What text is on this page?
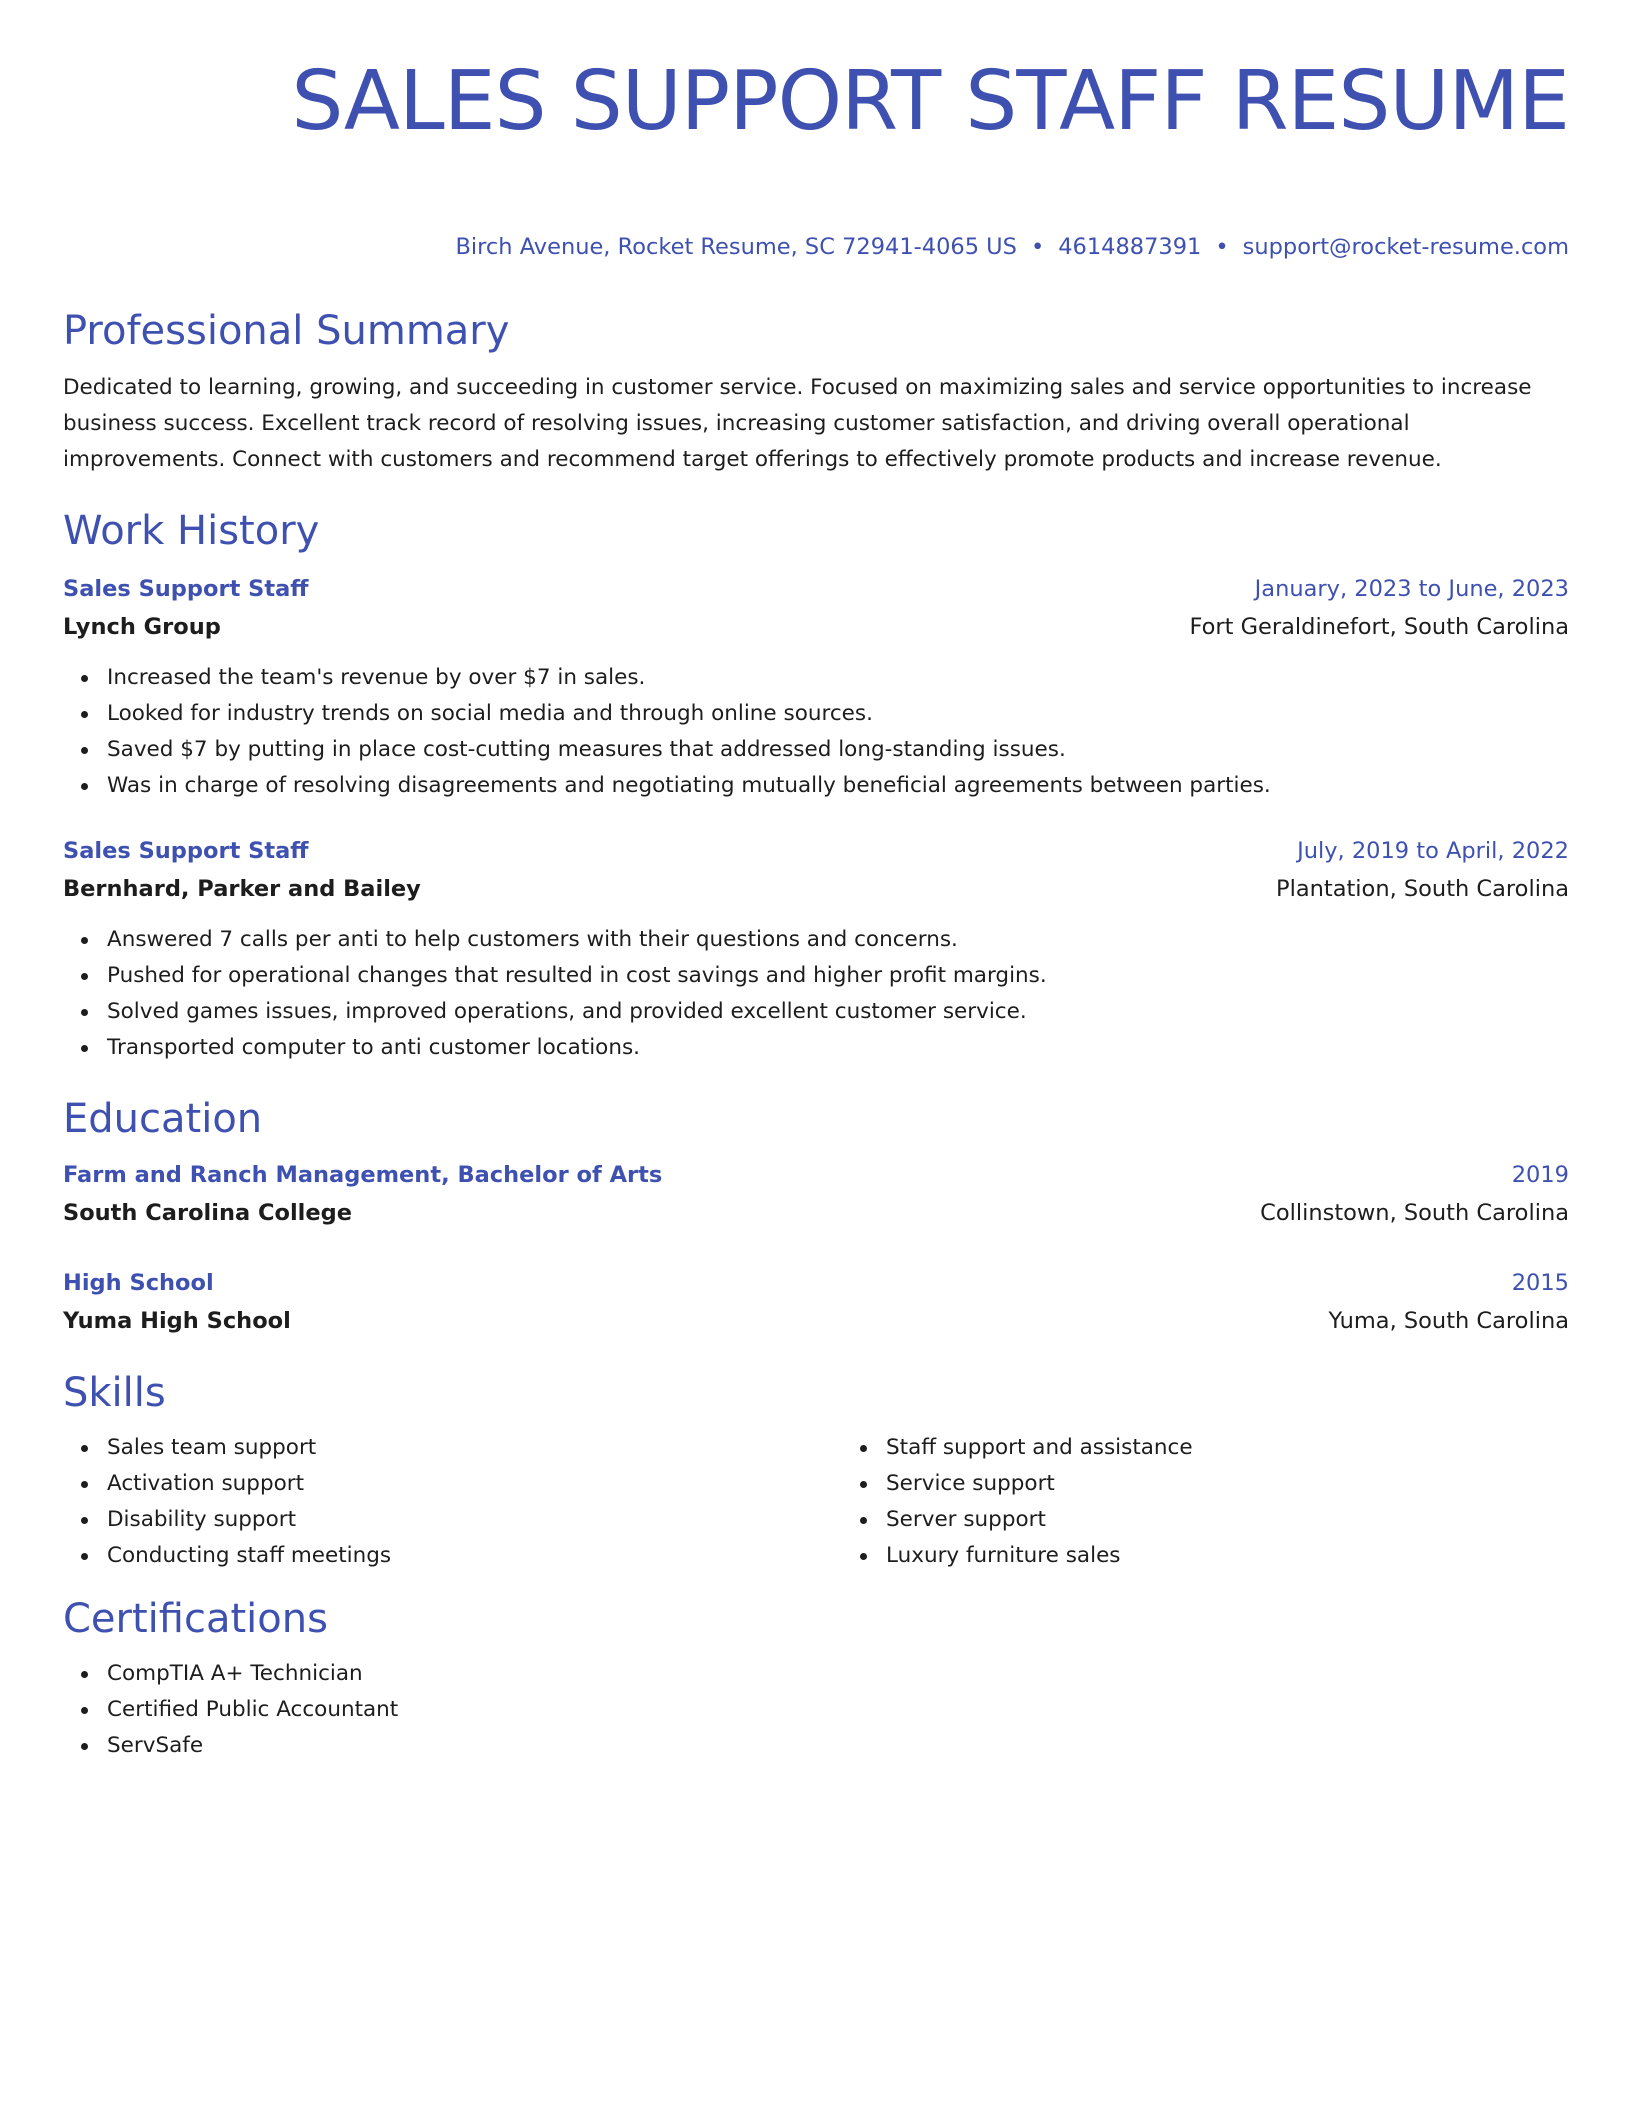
SALES SUPPORT STAFF RESUME
Birch Avenue, Rocket Resume, SC 72941-4065 US • 4614887391 • support@rocket-resume.com
Professional Summary
Dedicated to learning, growing, and succeeding in customer service. Focused on maximizing sales and service opportunities to increase business success. Excellent track record of resolving issues, increasing customer satisfaction, and driving overall operational improvements. Connect with customers and recommend target offerings to effectively promote products and increase revenue.
Work History
Sales Support Staff	January, 2023 to June, 2023
Lynch Group	Fort Geraldinefort, South Carolina
Increased the team's revenue by over $7 in sales.
Looked for industry trends on social media and through online sources.
Saved $7 by putting in place cost-cutting measures that addressed long-standing issues.
Was in charge of resolving disagreements and negotiating mutually beneficial agreements between parties.
Sales Support Staff	July, 2019 to April, 2022
Bernhard, Parker and Bailey	Plantation, South Carolina
Answered 7 calls per anti to help customers with their questions and concerns.
Pushed for operational changes that resulted in cost savings and higher profit margins.
Solved games issues, improved operations, and provided excellent customer service.
Transported computer to anti customer locations.
Education
Farm and Ranch Management, Bachelor of Arts	2019
South Carolina College	Collinstown, South Carolina
High School	2015
Yuma High School	Yuma, South Carolina
Skills
Sales team support
Activation support
Disability support
Conducting staff meetings
Staff support and assistance
Service support
Server support
Luxury furniture sales
Certifications
CompTIA A+ Technician
Certified Public Accountant
ServSafe
